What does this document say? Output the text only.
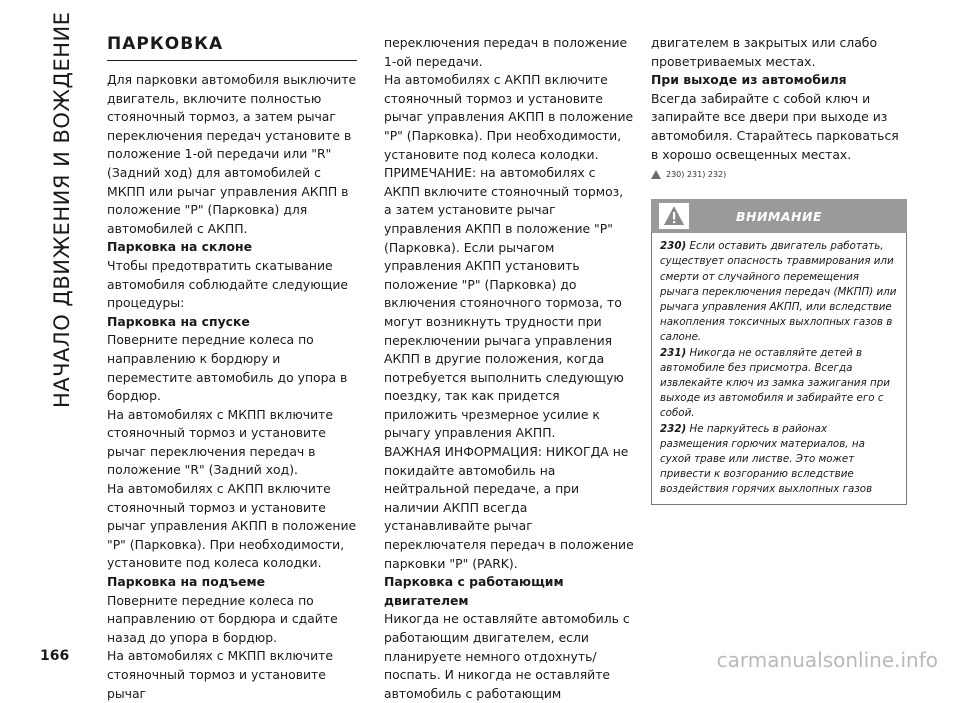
НАЧАЛО ДВИЖЕНИЯ И ВОЖДЕНИЕ	ПАРКОВКА

Для парковки автомобиля выключите двигатель, включите полностью стояночный тормоз, а затем рычаг переключения передач установите в положение 1-ой передачи или "R" (Задний ход) для автомобилей с МКПП или рычаг управления АКПП в положение "P" (Парковка) для автомобилей с АКПП.

Парковка на склоне

Чтобы предотвратить скатывание автомобиля соблюдайте следующие процедуры:

Парковка на спуске

Поверните передние колеса по направлению к бордюру и переместите автомобиль до упора в бордюр.

На автомобилях с МКПП включите стояночный тормоз и установите рычаг переключения передач в положение "R" (Задний ход).

На автомобилях с АКПП включите стояночный тормоз и установите рычаг управления АКПП в положение "P" (Парковка). При необходимости, установите под колеса колодки.

Парковка на подъеме

Поверните передние колеса по направлению от бордюра и сдайте назад до упора в бордюр.

На автомобилях с МКПП включите стояночный тормоз и установите рычаг

переключения передач в положение 1-ой передачи.

На автомобилях с АКПП включите стояночный тормоз и установите рычаг управления АКПП в положение "P" (Парковка). При необходимости, установите под колеса колодки.

ПРИМЕЧАНИЕ: на автомобилях с АКПП включите стояночный тормоз, а затем установите рычаг управления АКПП в положение "P" (Парковка). Если рычагом управления АКПП установить положение "P" (Парковка) до включения стояночного тормоза, то могут возникнуть трудности при переключении рычага управления АКПП в другие положения, когда потребуется выполнить следующую поездку, так как придется приложить чрезмерное усилие к рычагу управления АКПП.

ВАЖНАЯ ИНФОРМАЦИЯ: НИКОГДА не покидайте автомобиль на нейтральной передаче, а при наличии АКПП всегда устанавливайте рычаг переключателя передач в положение парковки "P" (PARK).

Парковка с работающим двигателем

Никогда не оставляйте автомобиль с работающим двигателем, если планируете немного отдохнуть/поспать. И никогда не оставляйте автомобиль с работающим

двигателем в закрытых или слабо проветриваемых местах.

При выходе из автомобиля

Всегда забирайте с собой ключ и запирайте все двери при выходе из автомобиля. Старайтесь парковаться в хорошо освещенных местах.

230) 231) 232)
ВНИМАНИЕ

230) Если оставить двигатель работать, существует опасность травмирования или смерти от случайного перемещения рычага переключения передач (МКПП) или рычага управления АКПП, или вследствие накопления токсичных выхлопных газов в салоне.

231) Никогда не оставляйте детей в автомобиле без присмотра. Всегда извлекайте ключ из замка зажигания при выходе из автомобиля и забирайте его с собой.

232) Не паркуйтесь в районах размещения горючих материалов, на сухой траве или листве. Это может привести к возгоранию вследствие воздействия горячих выхлопных газов

166	carmanualsonline.info
